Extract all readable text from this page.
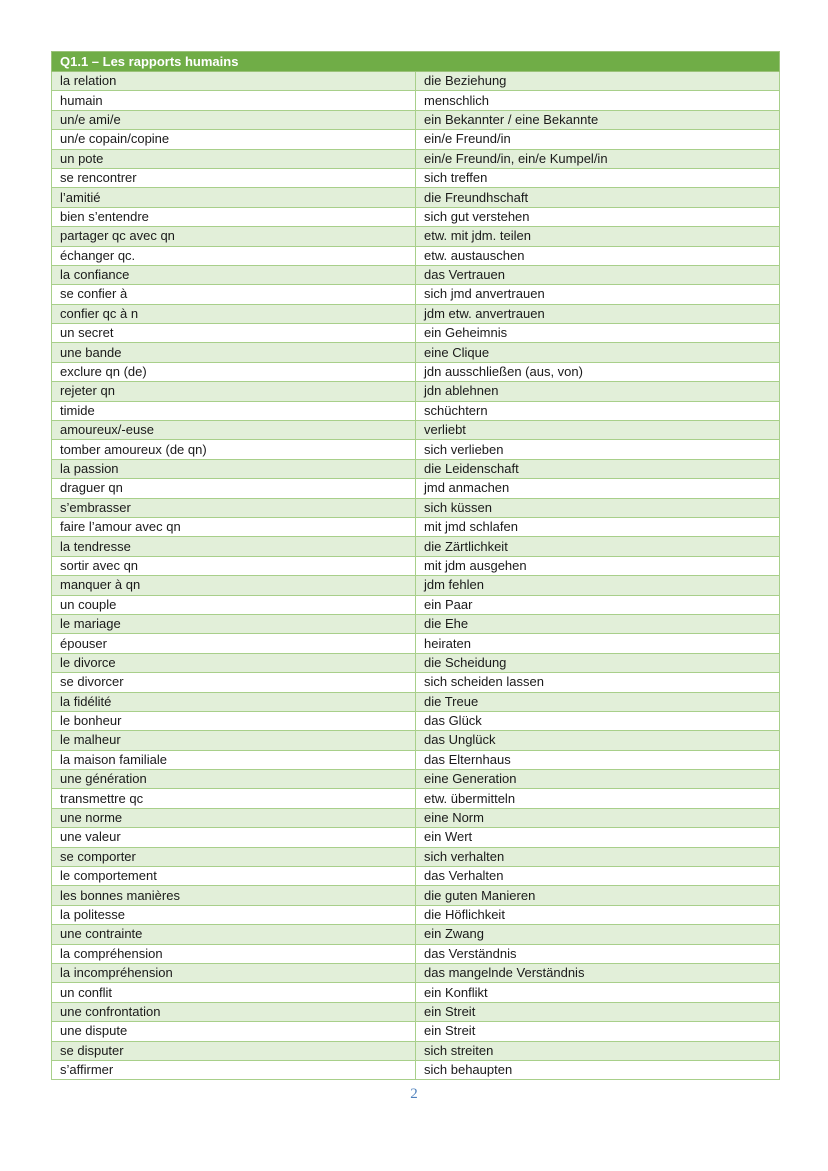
Q1.1 – Les rapports humains	
la relation	die Beziehung
humain	menschlich
un/e ami/e	ein Bekannter / eine Bekannte
un/e copain/copine	ein/e Freund/in
un pote	ein/e Freund/in, ein/e Kumpel/in
se rencontrer	sich treffen
l’amitié	die Freundhschaft
bien s’entendre	sich gut verstehen
partager qc avec qn	etw. mit jdm. teilen
échanger qc.	etw. austauschen
la confiance	das Vertrauen
se confier à	sich jmd anvertrauen
confier qc à n	jdm etw. anvertrauen
un secret	ein Geheimnis
une bande	eine Clique
exclure qn (de)	jdn ausschließen (aus, von)
rejeter qn	jdn ablehnen
timide	schüchtern
amoureux/-euse	verliebt
tomber amoureux (de qn)	sich verlieben
la passion	die Leidenschaft
draguer qn	jmd anmachen
s’embrasser	sich küssen
faire l’amour avec qn	mit jmd schlafen
la tendresse	die Zärtlichkeit
sortir avec qn	mit jdm ausgehen
manquer à qn	jdm fehlen
un couple	ein Paar
le mariage	die Ehe
épouser	heiraten
le divorce	die Scheidung
se divorcer	sich scheiden lassen
la fidélité	die Treue
le bonheur	das Glück
le malheur	das Unglück
la maison familiale	das Elternhaus
une génération	eine Generation
transmettre qc	etw. übermitteln
une norme	eine Norm
une valeur	ein Wert
se comporter	sich verhalten
le comportement	das Verhalten
les bonnes manières	die guten Manieren
la politesse	die Höflichkeit
une contrainte	ein Zwang
la compréhension	das Verständnis
la incompréhension	das mangelnde Verständnis
un conflit	ein Konflikt
une confrontation	ein Streit
une dispute	ein Streit
se disputer	sich streiten
s’affirmer	sich behaupten
2
